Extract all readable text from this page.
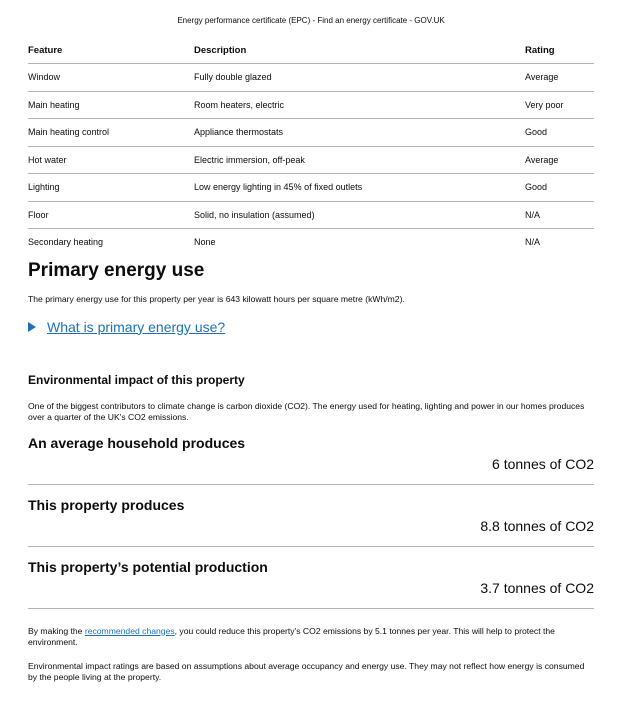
Energy performance certificate (EPC) - Find an energy certificate - GOV.UK
Feature	Description	Rating
Window	Fully double glazed	Average
Main heating	Room heaters, electric	Very poor
Main heating control	Appliance thermostats	Good
Hot water	Electric immersion, off-peak	Average
Lighting	Low energy lighting in 45% of fixed outlets	Good
Floor	Solid, no insulation (assumed)	N/A
Secondary heating	None	N/A
Primary energy use
The primary energy use for this property per year is 643 kilowatt hours per square metre (kWh/m2).
What is primary energy use?
Environmental impact of this property
One of the biggest contributors to climate change is carbon dioxide (CO2). The energy used for heating, lighting and power in our homes produces over a quarter of the UK's CO2 emissions.
An average household produces
6 tonnes of CO2
This property produces
8.8 tonnes of CO2
This property’s potential production
3.7 tonnes of CO2
By making the recommended changes, you could reduce this property's CO2 emissions by 5.1 tonnes per year. This will help to protect the environment.
Environmental impact ratings are based on assumptions about average occupancy and energy use. They may not reflect how energy is consumed by the people living at the property.
